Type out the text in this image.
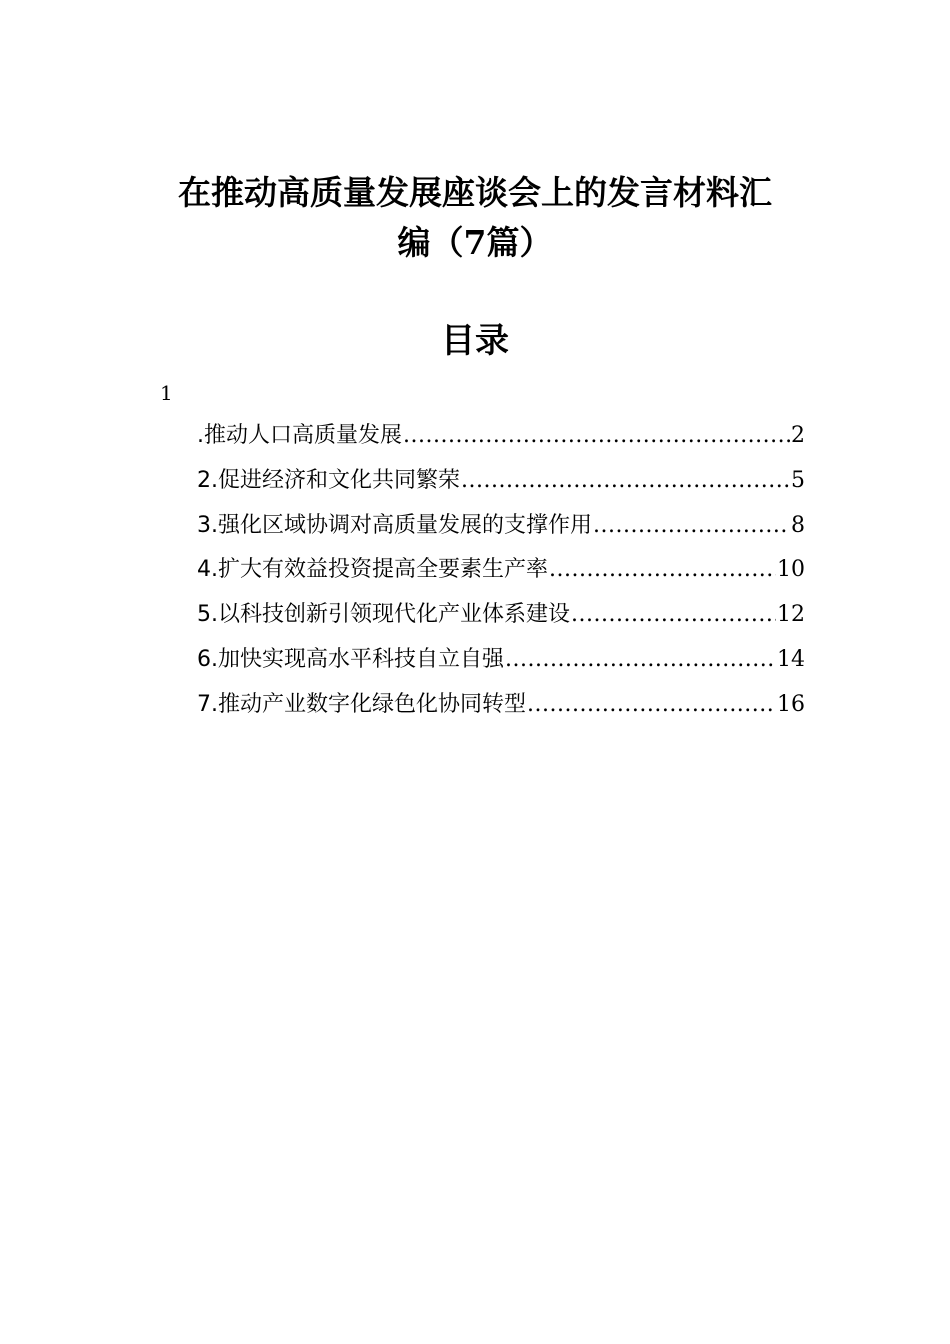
在推动高质量发展座谈会上的发言材料汇
编（7篇）
目录
1
.推动人口高质量发展 .....	2
2.促进经济和文化共同繁荣 .....	5
3.强化区域协调对高质量发展的支撑作用 .....	8
4.扩大有效益投资提高全要素生产率 .....	10
5.以科技创新引领现代化产业体系建设 .....	12
6.加快实现高水平科技自立自强 .....	14
7.推动产业数字化绿色化协同转型 .....	16
